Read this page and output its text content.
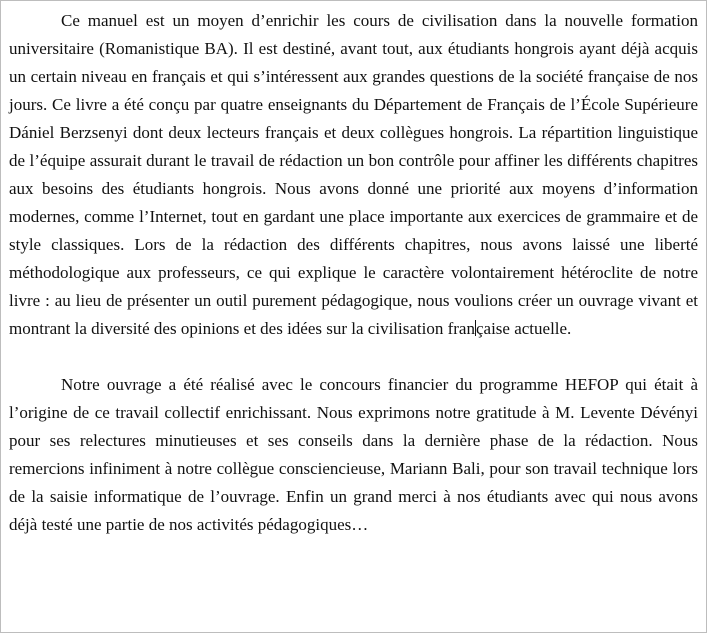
Ce manuel est un moyen d’enrichir les cours de civilisation dans la nouvelle formation universitaire (Romanistique BA). Il est destiné, avant tout, aux étudiants hongrois ayant déjà acquis un certain niveau en français et qui s’intéressent aux grandes questions de la société française de nos jours. Ce livre a été conçu par quatre enseignants du Département de Français de l’École Supérieure Dániel Berzsenyi dont deux lecteurs français et deux collègues hongrois. La répartition linguistique de l’équipe assurait durant le travail de rédaction un bon contrôle pour affiner les différents chapitres aux besoins des étudiants hongrois. Nous avons donné une priorité aux moyens d’information modernes, comme l’Internet, tout en gardant une place importante aux exercices de grammaire et de style classiques. Lors de la rédaction des différents chapitres, nous avons laissé une liberté méthodologique aux professeurs, ce qui explique le caractère volontairement hétéroclite de notre livre : au lieu de présenter un outil purement pédagogique, nous voulions créer un ouvrage vivant et montrant la diversité des opinions et des idées sur la civilisation française actuelle.

Notre ouvrage a été réalisé avec le concours financier du programme HEFOP qui était à l’origine de ce travail collectif enrichissant. Nous exprimons notre gratitude à M. Levente Dévényi pour ses relectures minutieuses et ses conseils dans la dernière phase de la rédaction. Nous remercions infiniment à notre collègue consciencieuse, Mariann Bali, pour son travail technique lors de la saisie informatique de l’ouvrage. Enfin un grand merci à nos étudiants avec qui nous avons déjà testé une partie de nos activités pédagogiques…
